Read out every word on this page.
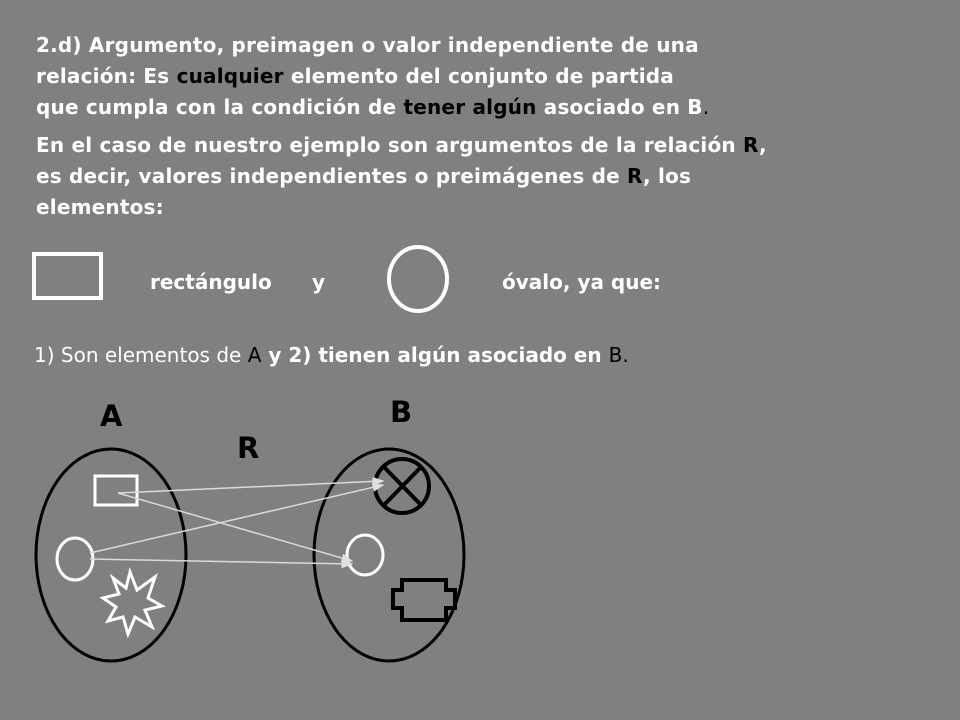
2.d) Argumento, preimagen o valor independiente de una
relación: Es cualquier elemento del conjunto de partida
que cumpla con la condición de tener algún asociado en B.

En el caso de nuestro ejemplo son argumentos de la relación R,
es decir, valores independientes o preimágenes de R, los
elementos:

rectángulo y	óvalo, ya que:
1) Son elementos de A y 2) tienen algún asociado en B.
A	B
R
